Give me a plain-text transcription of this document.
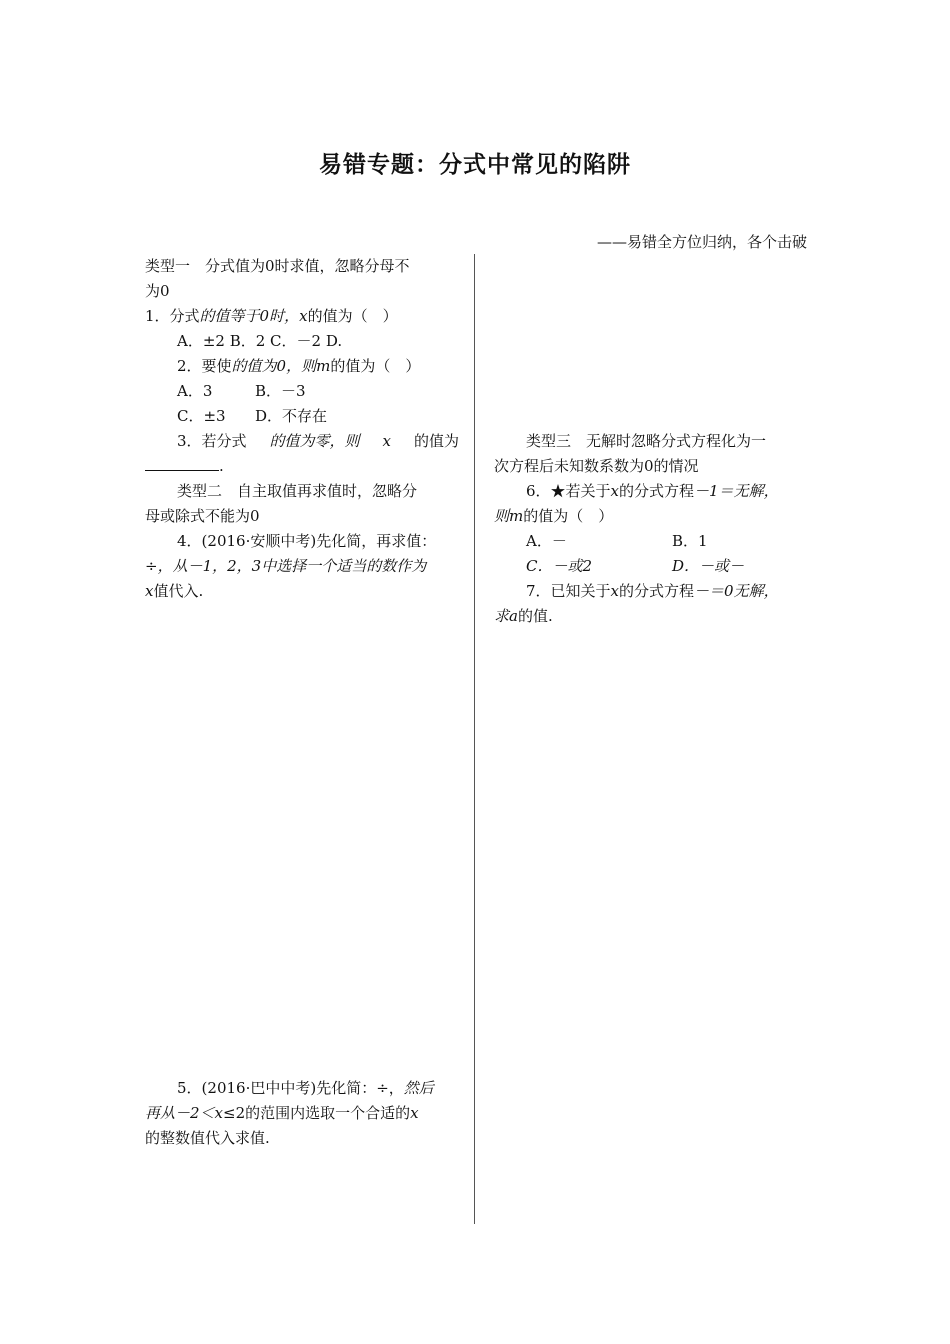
易错专题：分式中常见的陷阱
——易错全方位归纳，各个击破
类型一　分式值为0时求值，忽略分母不
为0
1．分式的值等于0时，x的值为（　）
A．±2 B．2 C．－2 D.
2．要使的值为0，则m的值为（　）
A．3	B．－3
C．±3 D．不存在
3．若分式 的值为零，则 x 的值为
.
类型二　自主取值再求值时，忽略分
母或除式不能为0
4．(2016·安顺中考)先化简，再求值：
÷，从－1，2，3中选择一个适当的数作为
x值代入.
5．(2016·巴中中考)先化简：÷，然后
再从－2＜x≤2的范围内选取一个合适的x
的整数值代入求值.
类型三　无解时忽略分式方程化为一
次方程后未知数系数为0的情况
6．★若关于x的分式方程－1＝无解，
则m的值为（　）
A．－	B．1
C．－或2	D．－或－
7．已知关于x的分式方程－＝0无解，
求a的值.
